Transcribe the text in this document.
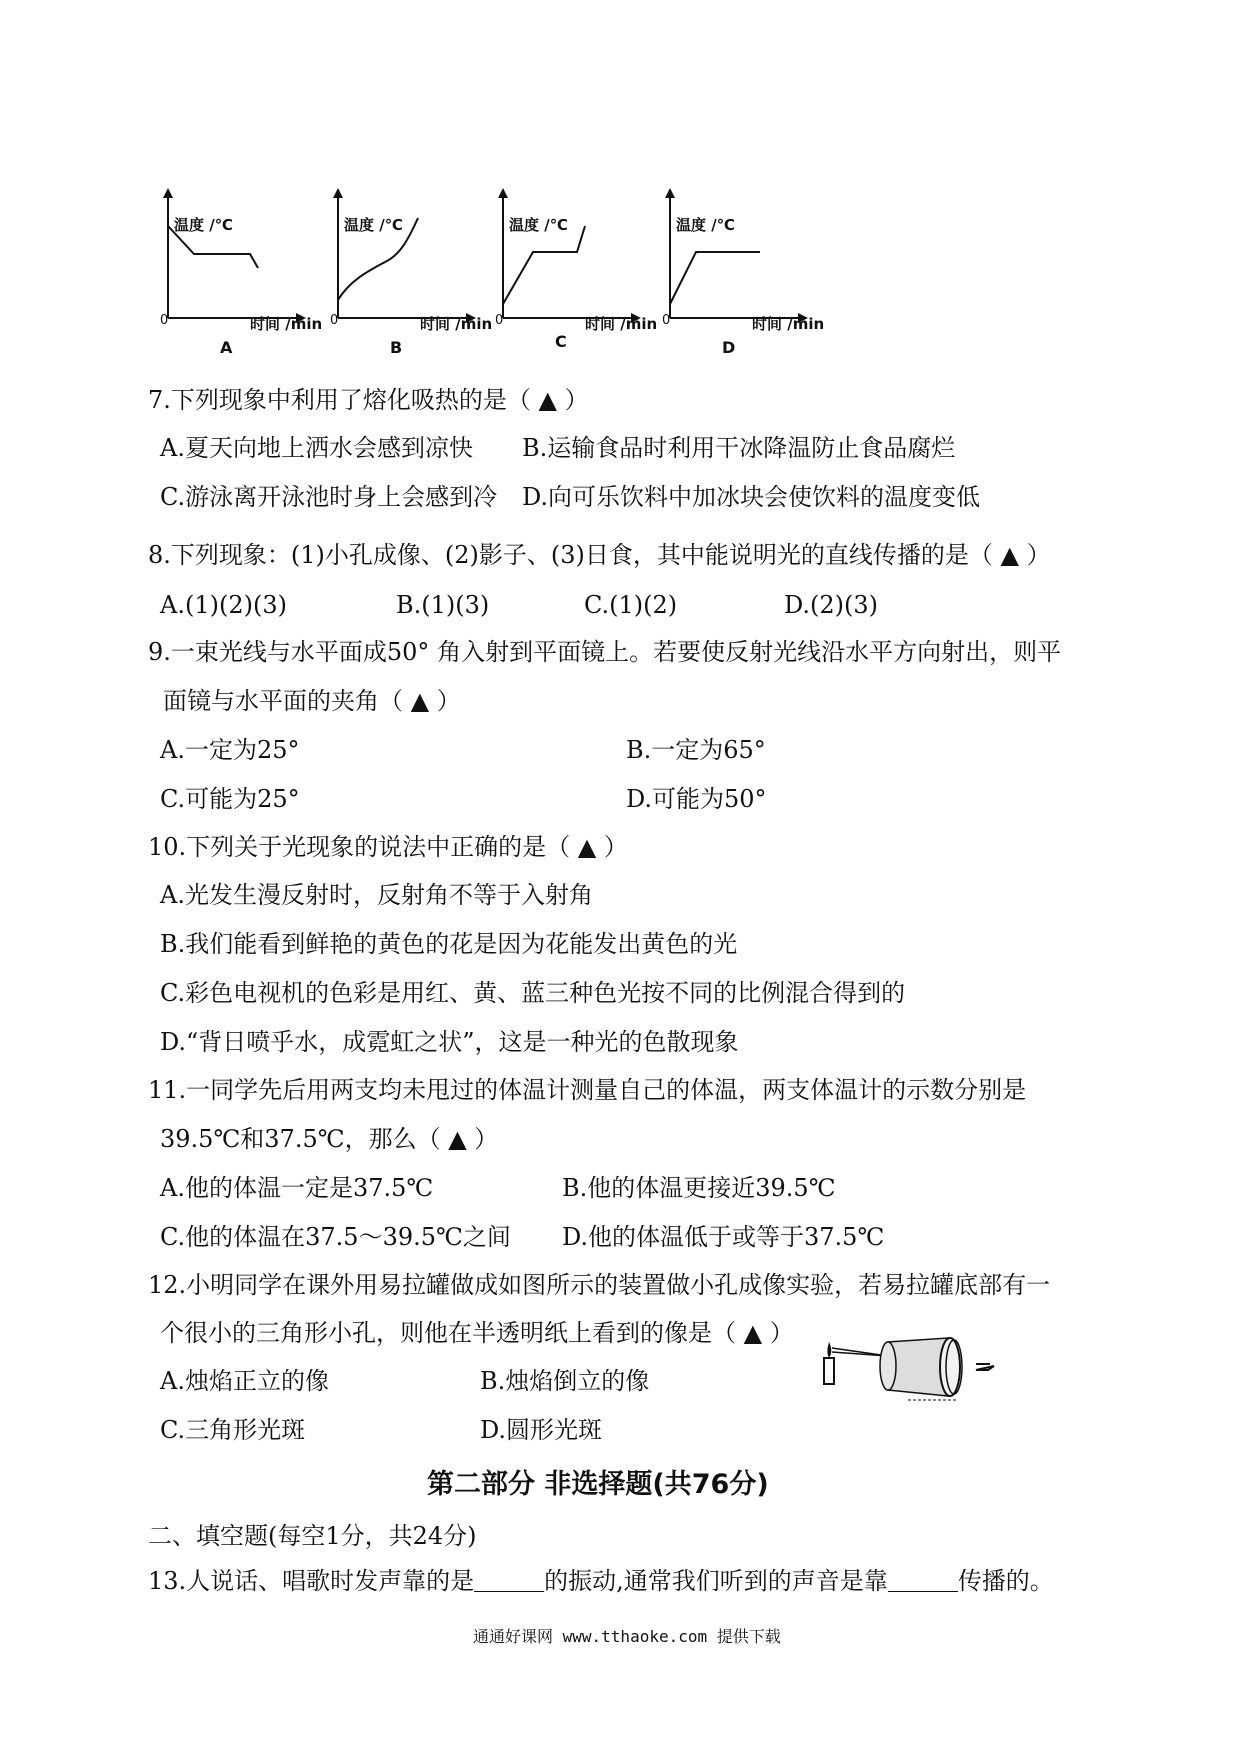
温度 /℃
0	时间 /min
A
温度 /℃
0	时间 /min
B
温度 /℃
0	时间 /min
C
温度 /℃
0	时间 /min
D
7.下列现象中利用了熔化吸热的是（ ▲ ）
A.夏天向地上洒水会感到凉快 B.运输食品时利用干冰降温防止食品腐烂
C.游泳离开泳池时身上会感到冷 D.向可乐饮料中加冰块会使饮料的温度变低
8.下列现象：(1)小孔成像、(2)影子、(3)日食，其中能说明光的直线传播的是（ ▲ ）
A.(1)(2)(3)	B.(1)(3)	C.(1)(2)	D.(2)(3)
9.一束光线与水平面成50° 角入射到平面镜上。若要使反射光线沿水平方向射出，则平
面镜与水平面的夹角（ ▲ ）
A.一定为25°	B.一定为65°
C.可能为25°	D.可能为50°
10.下列关于光现象的说法中正确的是（ ▲ ）
A.光发生漫反射时，反射角不等于入射角
B.我们能看到鲜艳的黄色的花是因为花能发出黄色的光
C.彩色电视机的色彩是用红、黄、蓝三种色光按不同的比例混合得到的
D.“背日喷乎水，成霓虹之状”，这是一种光的色散现象
11.一同学先后用两支均未甩过的体温计测量自己的体温，两支体温计的示数分别是
39.5℃和37.5℃，那么（ ▲ ）
A.他的体温一定是37.5℃	B.他的体温更接近39.5℃
C.他的体温在37.5～39.5℃之间 D.他的体温低于或等于37.5℃
12.小明同学在课外用易拉罐做成如图所示的装置做小孔成像实验，若易拉罐底部有一
个很小的三角形小孔，则他在半透明纸上看到的像是（ ▲ ）
A.烛焰正立的像	B.烛焰倒立的像
C.三角形光斑	D.圆形光斑
第二部分 非选择题(共76分)
二、填空题(每空1分，共24分)
13.人说话、唱歌时发声靠的是	的振动,通常我们听到的声音是靠	传播的。
通通好课网 www.tthaoke.com 提供下载
